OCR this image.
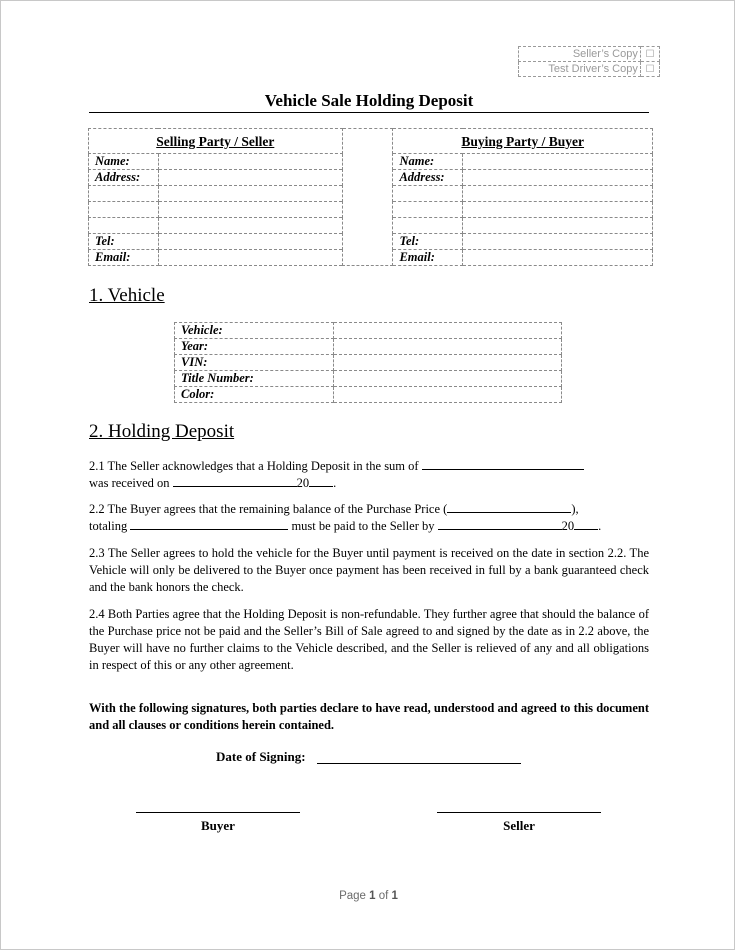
Seller’s Copy	☐
Test Driver’s Copy	☐
Vehicle Sale Holding Deposit
Selling Party / Seller			Buying Party / Buyer	
Name:			Name:	
Address:			Address:	

Tel:			Tel:	
Email:			Email:	
1. Vehicle
Vehicle:	
Year:	
VIN:	
Title Number:	
Color:	
2. Holding Deposit
2.1 The Seller acknowledges that a Holding Deposit in the sum of
was received on	20 .
2.2 The Buyer agrees that the remaining balance of the Purchase Price (	),
totaling	must be paid to the Seller by	20 .
2.3 The Seller agrees to hold the vehicle for the Buyer until payment is received on the date in section 2.2. The Vehicle will only be delivered to the Buyer once payment has been received in full by a bank guaranteed check and the bank honors the check.
2.4 Both Parties agree that the Holding Deposit is non-refundable. They further agree that should the balance of the Purchase price not be paid and the Seller’s Bill of Sale agreed to and signed by the date as in 2.2 above, the Buyer will have no further claims to the Vehicle described, and the Seller is relieved of any and all obligations in respect of this or any other agreement.
With the following signatures, both parties declare to have read, understood and agreed to this document and all clauses or conditions herein contained.
Date of Signing:
Buyer	Seller
Page 1 of 1
